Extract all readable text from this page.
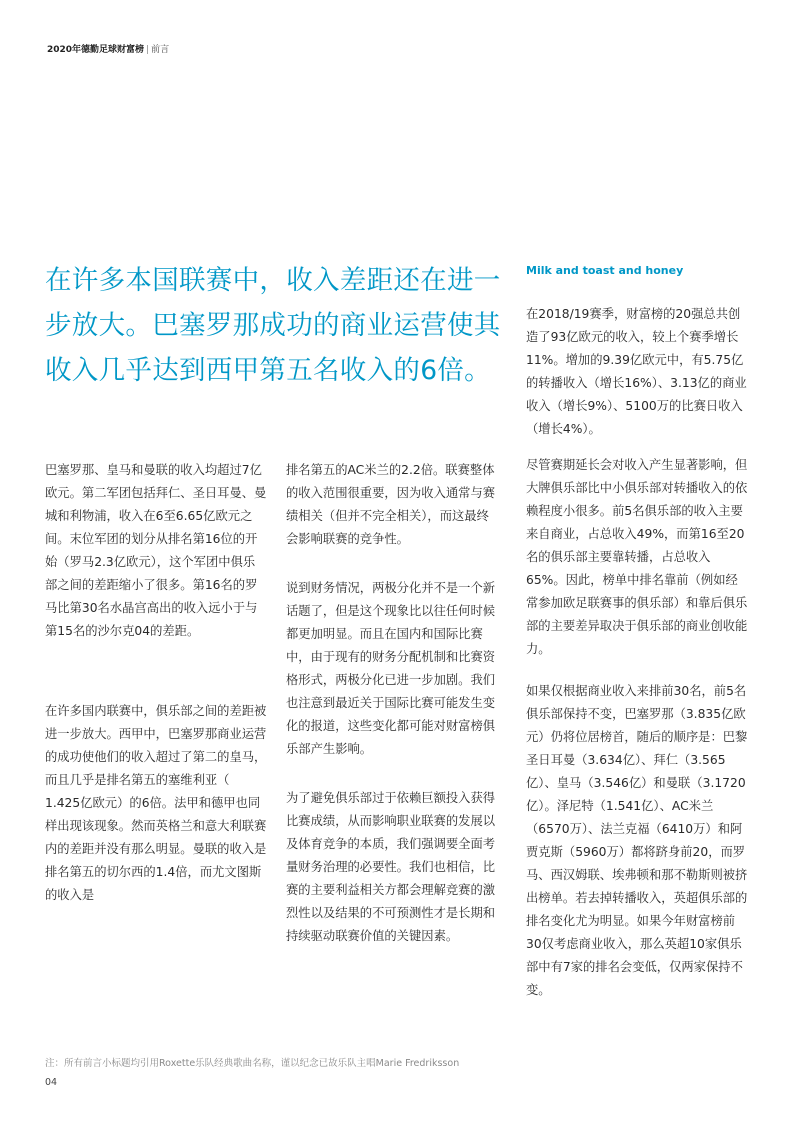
2020年德勤足球财富榜 | 前言
在许多本国联赛中，收入差距还在进一步放大。巴塞罗那成功的商业运营使其收入几乎达到西甲第五名收入的6倍。

巴塞罗那、皇马和曼联的收入均超过7亿欧元。第二军团包括拜仁、圣日耳曼、曼城和利物浦，收入在6至6.65亿欧元之间。末位军团的划分从排名第16位的开始（罗马2.3亿欧元），这个军团中俱乐部之间的差距缩小了很多。第16名的罗马比第30名水晶宫高出的收入远小于与第15名的沙尔克04的差距。

在许多国内联赛中，俱乐部之间的差距被进一步放大。西甲中，巴塞罗那商业运营的成功使他们的收入超过了第二的皇马，而且几乎是排名第五的塞维利亚（ 1.425亿欧元）的6倍。法甲和德甲也同样出现该现象。然而英格兰和意大利联赛内的差距并没有那么明显。曼联的收入是排名第五的切尔西的1.4倍，而尤文图斯的收入是

排名第五的AC米兰的2.2倍。联赛整体的收入范围很重要，因为收入通常与赛绩相关（但并不完全相关），而这最终会影响联赛的竞争性。

说到财务情况，两极分化并不是一个新话题了，但是这个现象比以往任何时候都更加明显。而且在国内和国际比赛中，由于现有的财务分配机制和比赛资格形式，两极分化已进一步加剧。我们也注意到最近关于国际比赛可能发生变化的报道，这些变化都可能对财富榜俱乐部产生影响。

为了避免俱乐部过于依赖巨额投入获得比赛成绩，从而影响职业联赛的发展以及体育竞争的本质，我们强调要全面考量财务治理的必要性。我们也相信，比赛的主要利益相关方都会理解竞赛的激烈性以及结果的不可预测性才是长期和持续驱动联赛价值的关键因素。

Milk and toast and honey

在2018/19赛季，财富榜的20强总共创造了93亿欧元的收入，较上个赛季增长11%。增加的9.39亿欧元中，有5.75亿的转播收入（增长16%）、3.13亿的商业收入（增长9%）、5100万的比赛日收入（增长4%）。

尽管赛期延长会对收入产生显著影响，但大牌俱乐部比中小俱乐部对转播收入的依赖程度小很多。前5名俱乐部的收入主要来自商业，占总收入49%，而第16至20名的俱乐部主要靠转播，占总收入65%。因此，榜单中排名靠前（例如经常参加欧足联赛事的俱乐部）和靠后俱乐部的主要差异取决于俱乐部的商业创收能力。

如果仅根据商业收入来排前30名，前5名俱乐部保持不变，巴塞罗那（3.835亿欧元）仍将位居榜首，随后的顺序是：巴黎圣日耳曼（3.634亿）、拜仁（3.565亿）、皇马（3.546亿）和曼联（3.1720亿）。泽尼特（1.541亿）、AC米兰（6570万）、法兰克福（6410万）和阿贾克斯（5960万）都将跻身前20，而罗马、西汉姆联、埃弗顿和那不勒斯则被挤出榜单。若去掉转播收入，英超俱乐部的排名变化尤为明显。如果今年财富榜前30仅考虑商业收入，那么英超10家俱乐部中有7家的排名会变低，仅两家保持不变。

注：所有前言小标题均引用Roxette乐队经典歌曲名称，谨以纪念已故乐队主唱Marie Fredriksson
04
